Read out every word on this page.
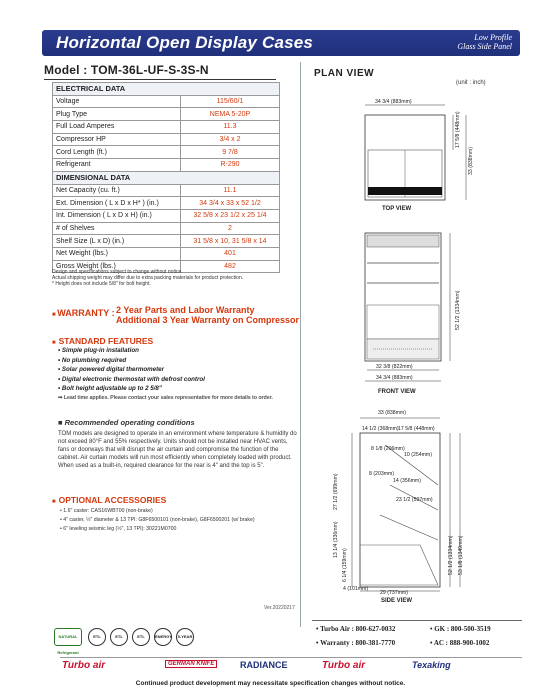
Horizontal Open Display Cases	Low Profile
Glass Side Panel
Model : TOM-36L-UF-S-3S-N
ELECTRICAL DATA	
Voltage	115/60/1
Plug Type	NEMA 5-20P
Full Load Amperes	11.3
Compressor HP	3/4 x 2
Cord Length (ft.)	9 7/8
Refrigerant	R-290
DIMENSIONAL DATA	
Net Capacity (cu. ft.)	11.1
Ext. Dimension ( L x D x H* ) (in.)	34 3/4 x 33 x 52 1/2
Int. Dimension ( L x D x H) (in.)	32 5/8 x 23 1/2 x 25 1/4
# of Shelves	2
Shelf Size (L x D) (in.)	31 5/8 x 10, 31 5/8 x 14
Net Weight (lbs.)	401
Gross Weight (lbs.)	482
Design and specifications subject to change without notice.
Actual shipping weight may differ due to extra packing materials for product protection.
* Height does not include 5/8" for bolt height.
■ WARRANTY : 2 Year Parts and Labor Warranty
Additional 3 Year Warranty on Compressor
■ STANDARD FEATURES
• Simple plug-in installation
• No plumbing required
• Solar powered digital thermometer
• Digital electronic thermostat with defrost control
• Bolt height adjustable up to 2 5/8"
➡ Lead time applies. Please contact your sales representative for more details to order.
■ Recommended operating conditions
TOM models are designed to operate in an environment where temperature & humidity do not exceed 80°F and 55% respectively. Units should not be installed near HVAC vents, fans or doorways that will disrupt the air curtain and compromise the function of the cabinet. Air curtain models will run most efficiently when completely loaded with product. When used as a built-in, required clearance for the rear is 4" and the top is 5".
■ OPTIONAL ACCESSORIES
• 1.6" caster: CAS16WBT00 (non-brake)
• 4" caster, ½" diameter & 13 TPI: G8F6500101 (non-brake), G8F6500201 (w/ brake)
• 6" leveling seismic leg (½", 13 TPI): 30221M0700
Ver.20220217
PLAN VIEW
(unit : inch)
34 3/4 (883mm)
17 5/8 (448mm)
33 (838mm)
TOP VIEW
52 1/2 (1334mm)
32 3/8 (822mm)
34 3/4 (883mm)
FRONT VIEW
33 (838mm)
14 1/2 (368mm) 17 5/8 (448mm)
8 1/8 (206mm)
10 (254mm)
8 (203mm)
14 (356mm)
23 1/2 (597mm)
27 1/2 (699mm)
13 1/4 (336mm)
6 1/4 (159mm)
4 (101mm)
29 (737mm)
52 1/2 (1334mm) 53 1/8 (1349mm)
SIDE VIEW
• Turbo Air : 800-627-0032	• GK : 800-500-3519
• Warranty : 800-381-7770	• AC : 888-900-1002
NATURAL Refrigerant
ETL	ETL	ETL	ENERGY	5-YEAR
Turbo air	GERMAN KNIFE	RADIANCE	Turbo air	Texaking
Continued product development may necessitate specification changes without notice.
